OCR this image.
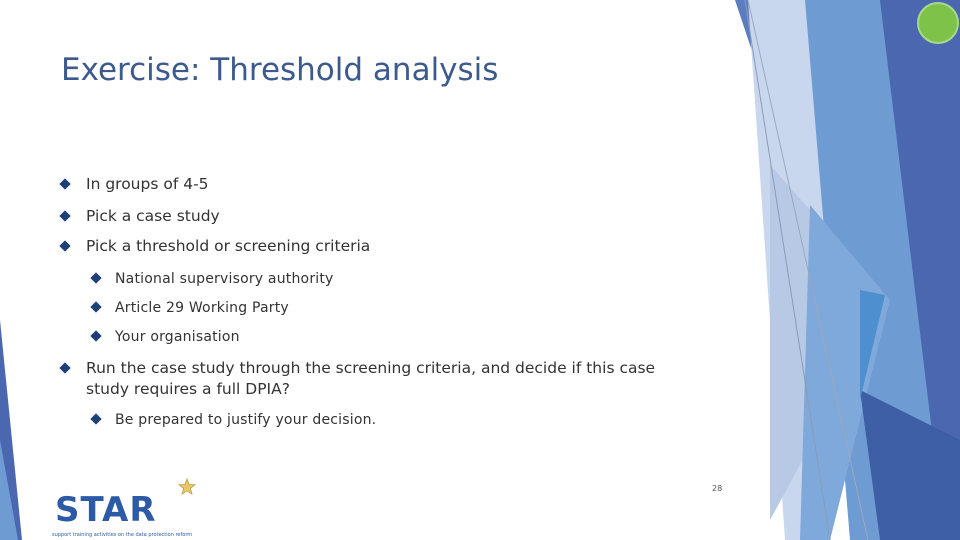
Exercise: Threshold analysis
In groups of 4-5
Pick a case study
Pick a threshold or screening criteria
National supervisory authority
Article 29 Working Party
Your organisation
Run the case study through the screening criteria, and decide if this case
study requires a full DPIA?
Be prepared to justify your decision.
28
STAR
support training activities on the data protection reform
